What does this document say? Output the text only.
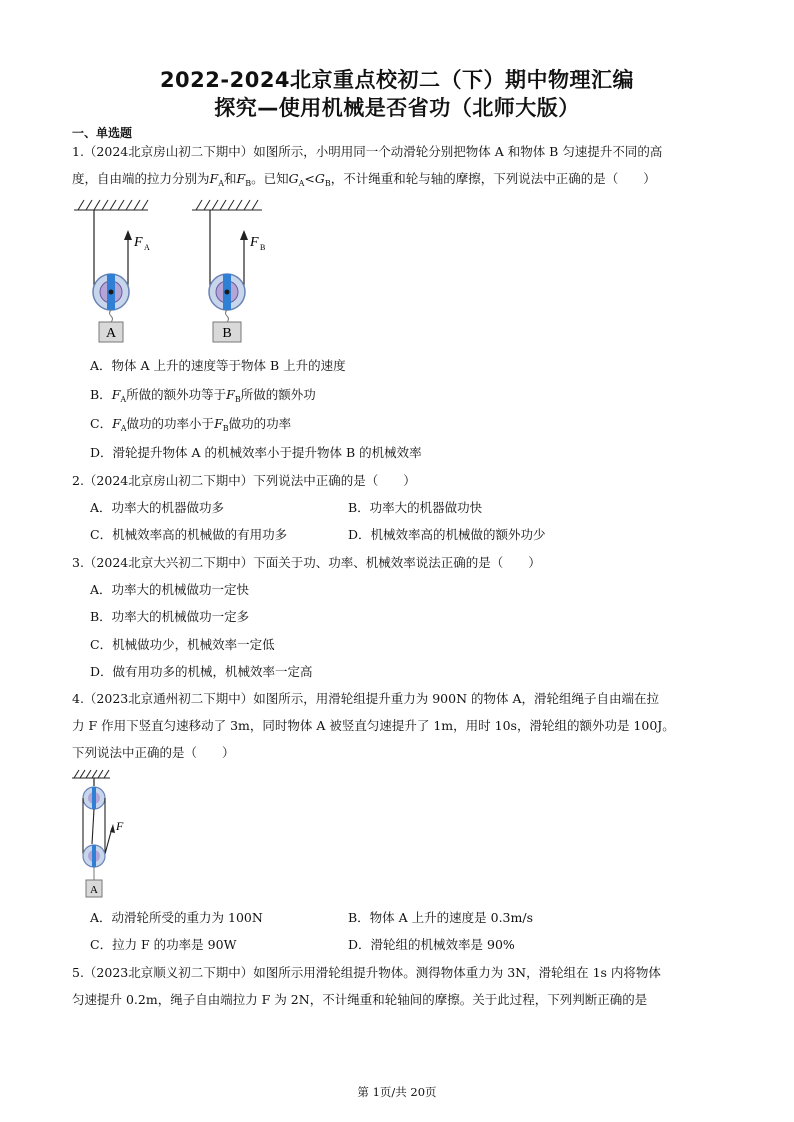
2022-2024北京重点校初二（下）期中物理汇编
探究—使用机械是否省功（北师大版）
一、单选题
1.（2024北京房山初二下期中）如图所示，小明用同一个动滑轮分别把物体 A 和物体 B 匀速提升不同的高
度，自由端的拉力分别为$F_A$和$F_B$。已知$G_A<G_B$，不计绳重和轮与轴的摩擦，下列说法中正确的是（　　）
F A
A
F B
B
A．物体 A 上升的速度等于物体 B 上升的速度
B．$F_A$所做的额外功等于$F_B$所做的额外功
C．$F_A$做功的功率小于$F_B$做功的功率
D．滑轮提升物体 A 的机械效率小于提升物体 B 的机械效率
2.（2024北京房山初二下期中）下列说法中正确的是（　　）
A．功率大的机器做功多	B．功率大的机器做功快
C．机械效率高的机械做的有用功多	D．机械效率高的机械做的额外功少
3.（2024北京大兴初二下期中）下面关于功、功率、机械效率说法正确的是（　　）
A．功率大的机械做功一定快
B．功率大的机械做功一定多
C．机械做功少，机械效率一定低
D．做有用功多的机械，机械效率一定高
4.（2023北京通州初二下期中）如图所示，用滑轮组提升重力为 900N 的物体 A，滑轮组绳子自由端在拉
力 F 作用下竖直匀速移动了 3m，同时物体 A 被竖直匀速提升了 1m，用时 10s，滑轮组的额外功是 100J。
下列说法中正确的是（　　）
F
A
A．动滑轮所受的重力为 100N	B．物体 A 上升的速度是 0.3m/s
C．拉力 F 的功率是 90W	D．滑轮组的机械效率是 90%
5.（2023北京顺义初二下期中）如图所示用滑轮组提升物体。测得物体重力为 3N，滑轮组在 1s 内将物体
匀速提升 0.2m，绳子自由端拉力 F 为 2N，不计绳重和轮轴间的摩擦。关于此过程，下列判断正确的是
第 1页/共 20页
